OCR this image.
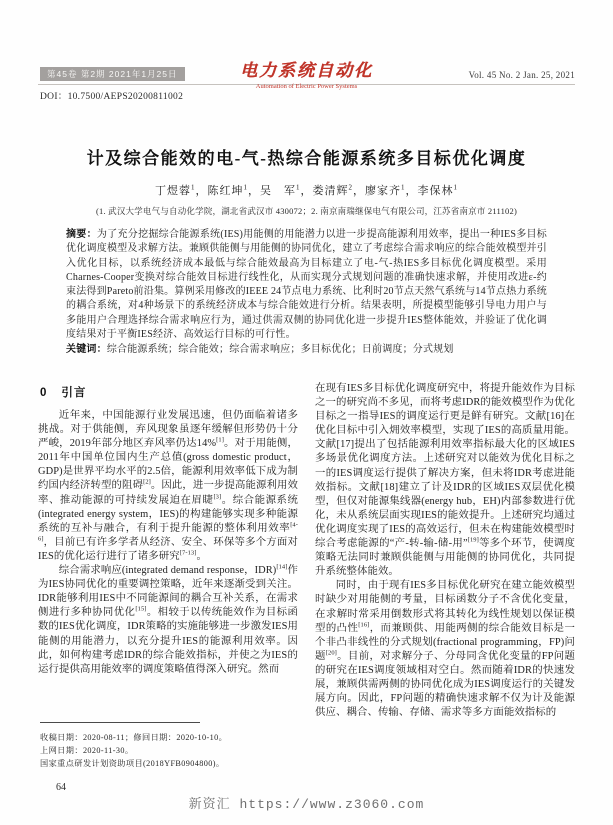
第45卷 第2期 2021年1月25日
DOI：10.7500/AEPS20200811002
电力系统自动化
Automation of Electric Power Systems
Vol. 45 No. 2 Jan. 25, 2021
计及综合能效的电-气-热综合能源系统多目标优化调度
丁煜蓉$^1$，陈红坤$^1$，吴　军$^1$，娄清辉$^2$，廖家齐$^1$，李保林$^1$
(1. 武汉大学电气与自动化学院，湖北省武汉市 430072；2. 南京南瑞继保电气有限公司，江苏省南京市 211102)
摘要：为了充分挖掘综合能源系统(IES)用能侧的用能潜力以进一步提高能源利用效率，提出一种IES多目标优化调度模型及求解方法。兼顾供能侧与用能侧的协同优化，建立了考虑综合需求响应的综合能效模型并引入优化目标，以系统经济成本最低与综合能效最高为目标建立了电-气-热IES多目标优化调度模型。采用Charnes-Cooper变换对综合能效目标进行线性化，从而实现分式规划问题的准确快速求解，并使用改进ε-约束法得到Pareto前沿集。算例采用修改的IEEE 24节点电力系统、比利时20节点天然气系统与14节点热力系统的耦合系统，对4种场景下的系统经济成本与综合能效进行分析。结果表明，所提模型能够引导电力用户与多能用户合理选择综合需求响应行为，通过供需双侧的协同优化进一步提升IES整体能效，并验证了优化调度结果对于平衡IES经济、高效运行目标的可行性。
关键词：综合能源系统；综合能效；综合需求响应；多目标优化；日前调度；分式规划
0 引言

近年来，中国能源行业发展迅速，但仍面临着诸多挑战。对于供能侧，弃风现象虽逐年缓解但形势仍十分严峻，2019年部分地区弃风率仍达14%[1]。对于用能侧，2011年中国单位国内生产总值(gross domestic product，GDP)是世界平均水平的2.5倍，能源利用效率低下成为制约国内经济转型的阻碍[2]。因此，进一步提高能源利用效率、推动能源的可持续发展迫在眉睫[3]。综合能源系统(integrated energy system，IES)的构建能够实现多种能源系统的互补与融合，有利于提升能源的整体利用效率[4-6]，目前已有许多学者从经济、安全、环保等多个方面对IES的优化运行进行了诸多研究[7-13]。

综合需求响应(integrated demand response，IDR)[14]作为IES协同优化的重要调控策略，近年来逐渐受到关注。IDR能够利用IES中不同能源间的耦合互补关系，在需求侧进行多种协同优化[15]。相较于以传统能效作为目标函数的IES优化调度，IDR策略的实施能够进一步激发IES用能侧的用能潜力，以充分提升IES的能源利用效率。因此，如何构建考虑IDR的综合能效指标，并使之为IES的运行提供高用能效率的调度策略值得深入研究。然而

在现有IES多目标优化调度研究中，将提升能效作为目标之一的研究尚不多见，而将考虑IDR的能效模型作为优化目标之一指导IES的调度运行更是鲜有研究。文献[16]在优化目标中引入㶲效率模型，实现了IES的高质量用能。文献[17]提出了包括能源利用效率指标最大化的区域IES多场景优化调度方法。上述研究对以能效为优化目标之一的IES调度运行提供了解决方案，但未将IDR考虑进能效指标。文献[18]建立了计及IDR的区域IES双层优化模型，但仅对能源集线器(energy hub，EH)内部参数进行优化，未从系统层面实现IES的能效提升。上述研究均通过优化调度实现了IES的高效运行，但未在构建能效模型时综合考虑能源的“产-转-输-储-用”[19]等多个环节，使调度策略无法同时兼顾供能侧与用能侧的协同优化，共同提升系统整体能效。

同时，由于现有IES多目标优化研究在建立能效模型时缺少对用能侧的考量，目标函数分子不含优化变量，在求解时常采用倒数形式将其转化为线性规划以保证模型的凸性[16]，而兼顾供、用能两侧的综合能效目标是一个非凸非线性的分式规划(fractional programming，FP)问题[20]。目前，对求解分子、分母同含优化变量的FP问题的研究在IES调度领域相对空白。然而随着IDR的快速发展，兼顾供需两侧的协同优化成为IES调度运行的关键发展方向。因此，FP问题的精确快速求解不仅为计及能源供应、耦合、传输、存储、需求等多方面能效指标的

收稿日期：2020-08-11；修回日期：2020-10-10。
上网日期：2020-11-30。
国家重点研发计划资助项目(2018YFB0904800)。
64
新资汇 https://www.z3060.com
